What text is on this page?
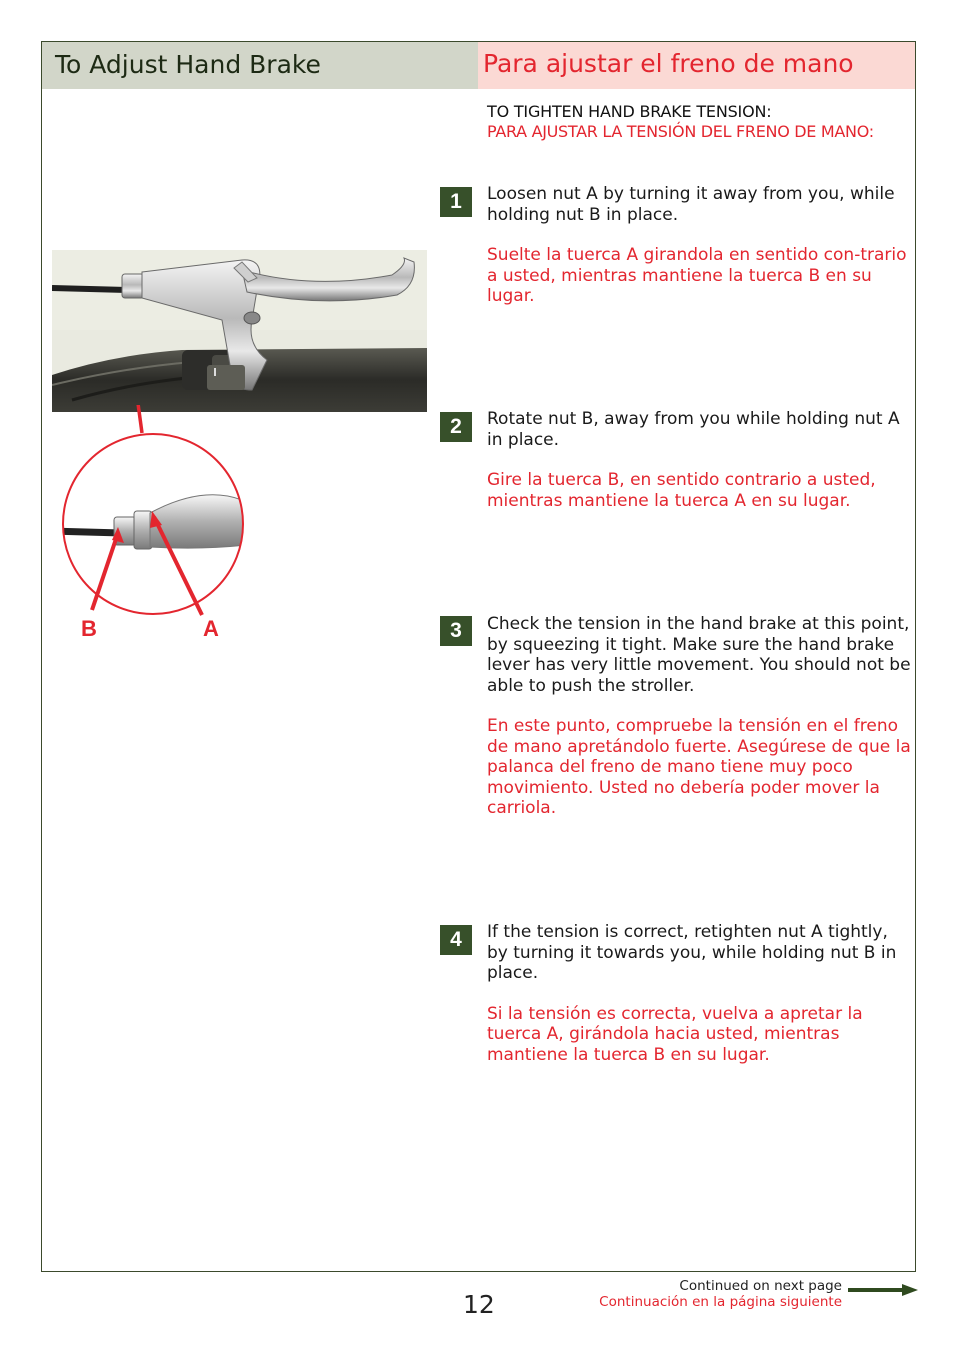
To Adjust Hand Brake	Para ajustar el freno de mano
TO TIGHTEN HAND BRAKE TENSION:
PARA AJUSTAR LA TENSIÓN DEL FRENO DE MANO:
1	Loosen nut A by turning it away from you, while holding nut B in place.

Suelte la tuerca A girandola en sentido con-trario a usted, mientras mantiene la tuerca B en su lugar.

2	Rotate nut B, away from you while holding nut A in place.

Gire la tuerca B, en sentido contrario a usted, mientras mantiene la tuerca A en su lugar.

3	Check the tension in the hand brake at this point, by squeezing it tight. Make sure the hand brake lever has very little movement. You should not be able to push the stroller.

En este punto, compruebe la tensión en el freno de mano apretándolo fuerte. Asegúrese de que la palanca del freno de mano tiene muy poco movimiento. Usted no debería poder mover la carriola.

4	If the tension is correct, retighten nut A tightly, by turning it towards you, while holding nut B in place.

Si la tensión es correcta, vuelva a apretar la tuerca A, girándola hacia usted, mientras mantiene la tuerca B en su lugar.

B	A
12
Continued on next page
Continuación en la página siguiente
